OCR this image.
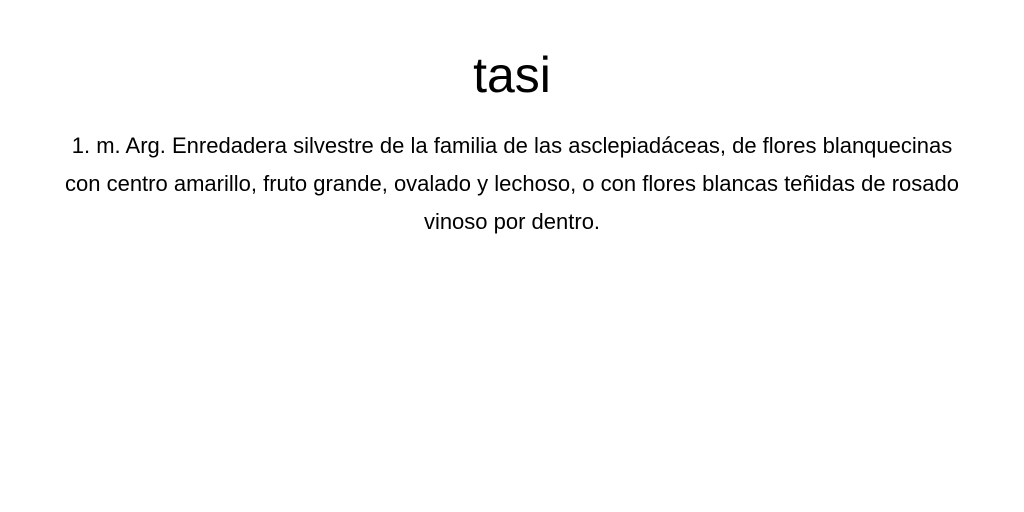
tasi

1. m. Arg. Enredadera silvestre de la familia de las asclepiadáceas, de flores blanquecinas con centro amarillo, fruto grande, ovalado y lechoso, o con flores blancas teñidas de rosado vinoso por dentro.
